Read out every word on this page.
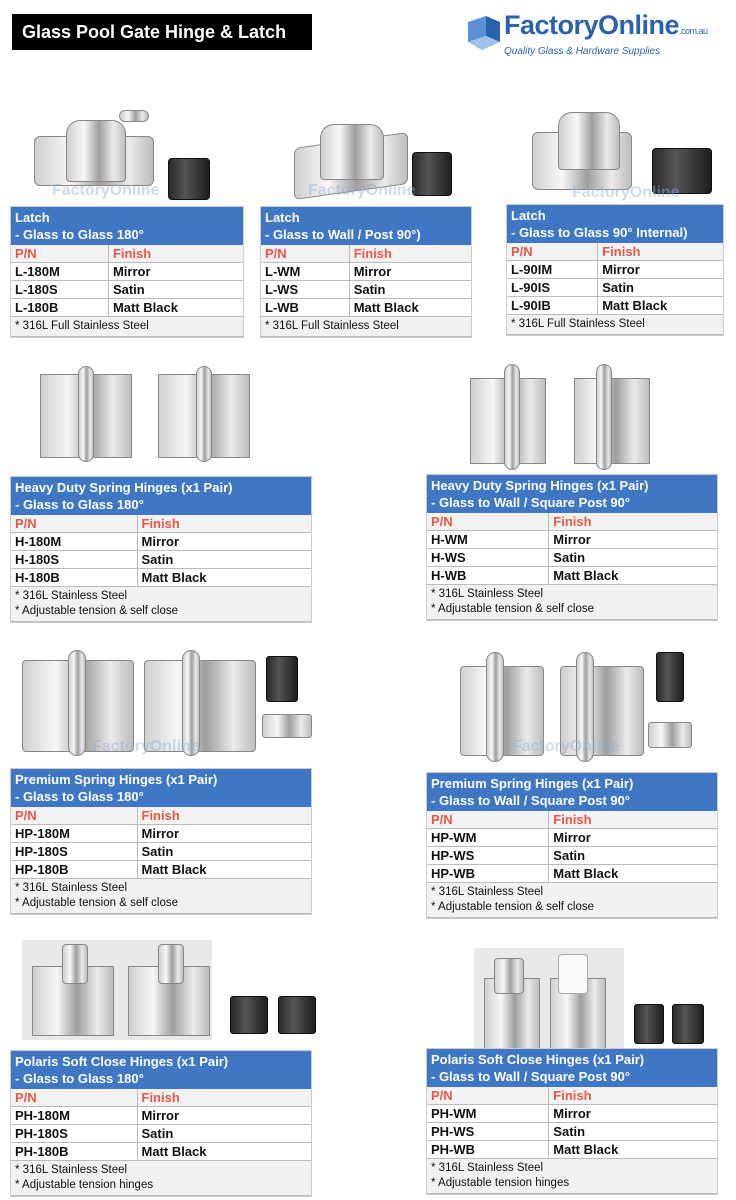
Glass Pool Gate Hinge & Latch	FactoryOnline.com.au
Quality Glass & Hardware Supplies
FactoryOnline	FactoryOnline	FactoryOnline
FactoryOnline	FactoryOnline
Latch
- Glass to Glass 180°
P/N	Finish
L-180M	Mirror
L-180S	Satin
L-180B	Matt Black
* 316L Full Stainless Steel
Latch
- Glass to Wall / Post 90°)
P/N	Finish
L-WM	Mirror
L-WS	Satin
L-WB	Matt Black
* 316L Full Stainless Steel
Latch
- Glass to Glass 90° Internal)
P/N	Finish
L-90IM	Mirror
L-90IS	Satin
L-90IB	Matt Black
* 316L Full Stainless Steel
Heavy Duty Spring Hinges (x1 Pair)
- Glass to Glass 180°
P/N	Finish
H-180M	Mirror
H-180S	Satin
H-180B	Matt Black
* 316L Stainless Steel
* Adjustable tension & self close
Heavy Duty Spring Hinges (x1 Pair)
- Glass to Wall / Square Post 90°
P/N	Finish
H-WM	Mirror
H-WS	Satin
H-WB	Matt Black
* 316L Stainless Steel
* Adjustable tension & self close
Premium Spring Hinges (x1 Pair)
- Glass to Glass 180°
P/N	Finish
HP-180M	Mirror
HP-180S	Satin
HP-180B	Matt Black
* 316L Stainless Steel
* Adjustable tension & self close
Premium Spring Hinges (x1 Pair)
- Glass to Wall / Square Post 90°
P/N	Finish
HP-WM	Mirror
HP-WS	Satin
HP-WB	Matt Black
* 316L Stainless Steel
* Adjustable tension & self close
Polaris Soft Close Hinges (x1 Pair)
- Glass to Glass 180°
P/N	Finish
PH-180M	Mirror
PH-180S	Satin
PH-180B	Matt Black
* 316L Stainless Steel
* Adjustable tension hinges
Polaris Soft Close Hinges (x1 Pair)
- Glass to Wall / Square Post 90°
P/N	Finish
PH-WM	Mirror
PH-WS	Satin
PH-WB	Matt Black
* 316L Stainless Steel
* Adjustable tension hinges
